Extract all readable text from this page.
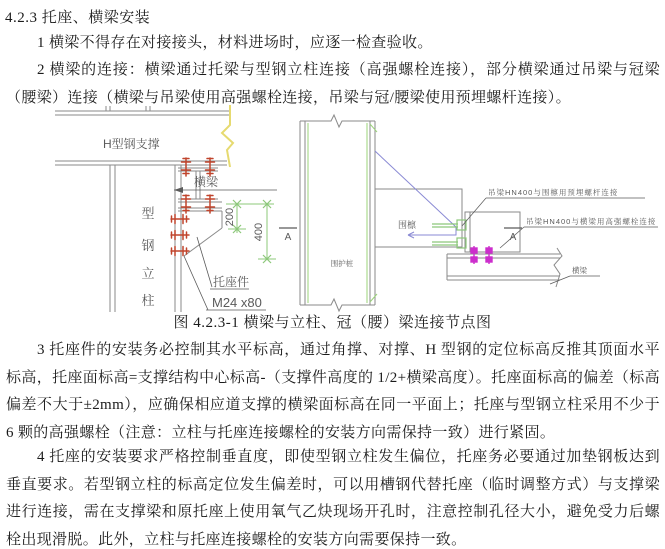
4.2.3 托座、横梁安装

1 横梁不得存在对接接头，材料进场时，应逐一检查验收。

2 横梁的连接：横梁通过托梁与型钢立柱连接（高强螺栓连接），部分横梁通过吊梁与冠梁（腰梁）连接（横梁与吊梁使用高强螺栓连接，吊梁与冠/腰梁使用预埋螺杆连接）。

200
400
H型钢支撑
横梁
型
钢
立
柱
托座件
M24 x80
围檩
围护桩
A	A
吊梁HN400与围檩用预埋螺杆连接
吊梁HN400与横梁用高强螺栓连接
横梁

图 4.2.3-1 横梁与立柱、冠（腰）梁连接节点图

3 托座件的安装务必控制其水平标高，通过角撑、对撑、H 型钢的定位标高反推其顶面水平标高，托座面标高=支撑结构中心标高-（支撑件高度的 1/2+横梁高度）。托座面标高的偏差（标高偏差不大于±2mm），应确保相应道支撑的横梁面标高在同一平面上；托座与型钢立柱采用不少于 6 颗的高强螺栓（注意：立柱与托座连接螺栓的安装方向需保持一致）进行紧固。

4 托座的安装要求严格控制垂直度，即使型钢立柱发生偏位，托座务必要通过加垫钢板达到垂直要求。若型钢立柱的标高定位发生偏差时，可以用槽钢代替托座（临时调整方式）与支撑梁进行连接，需在支撑梁和原托座上使用氧气乙炔现场开孔时，注意控制孔径大小，避免受力后螺栓出现滑脱。此外，立柱与托座连接螺栓的安装方向需要保持一致。
